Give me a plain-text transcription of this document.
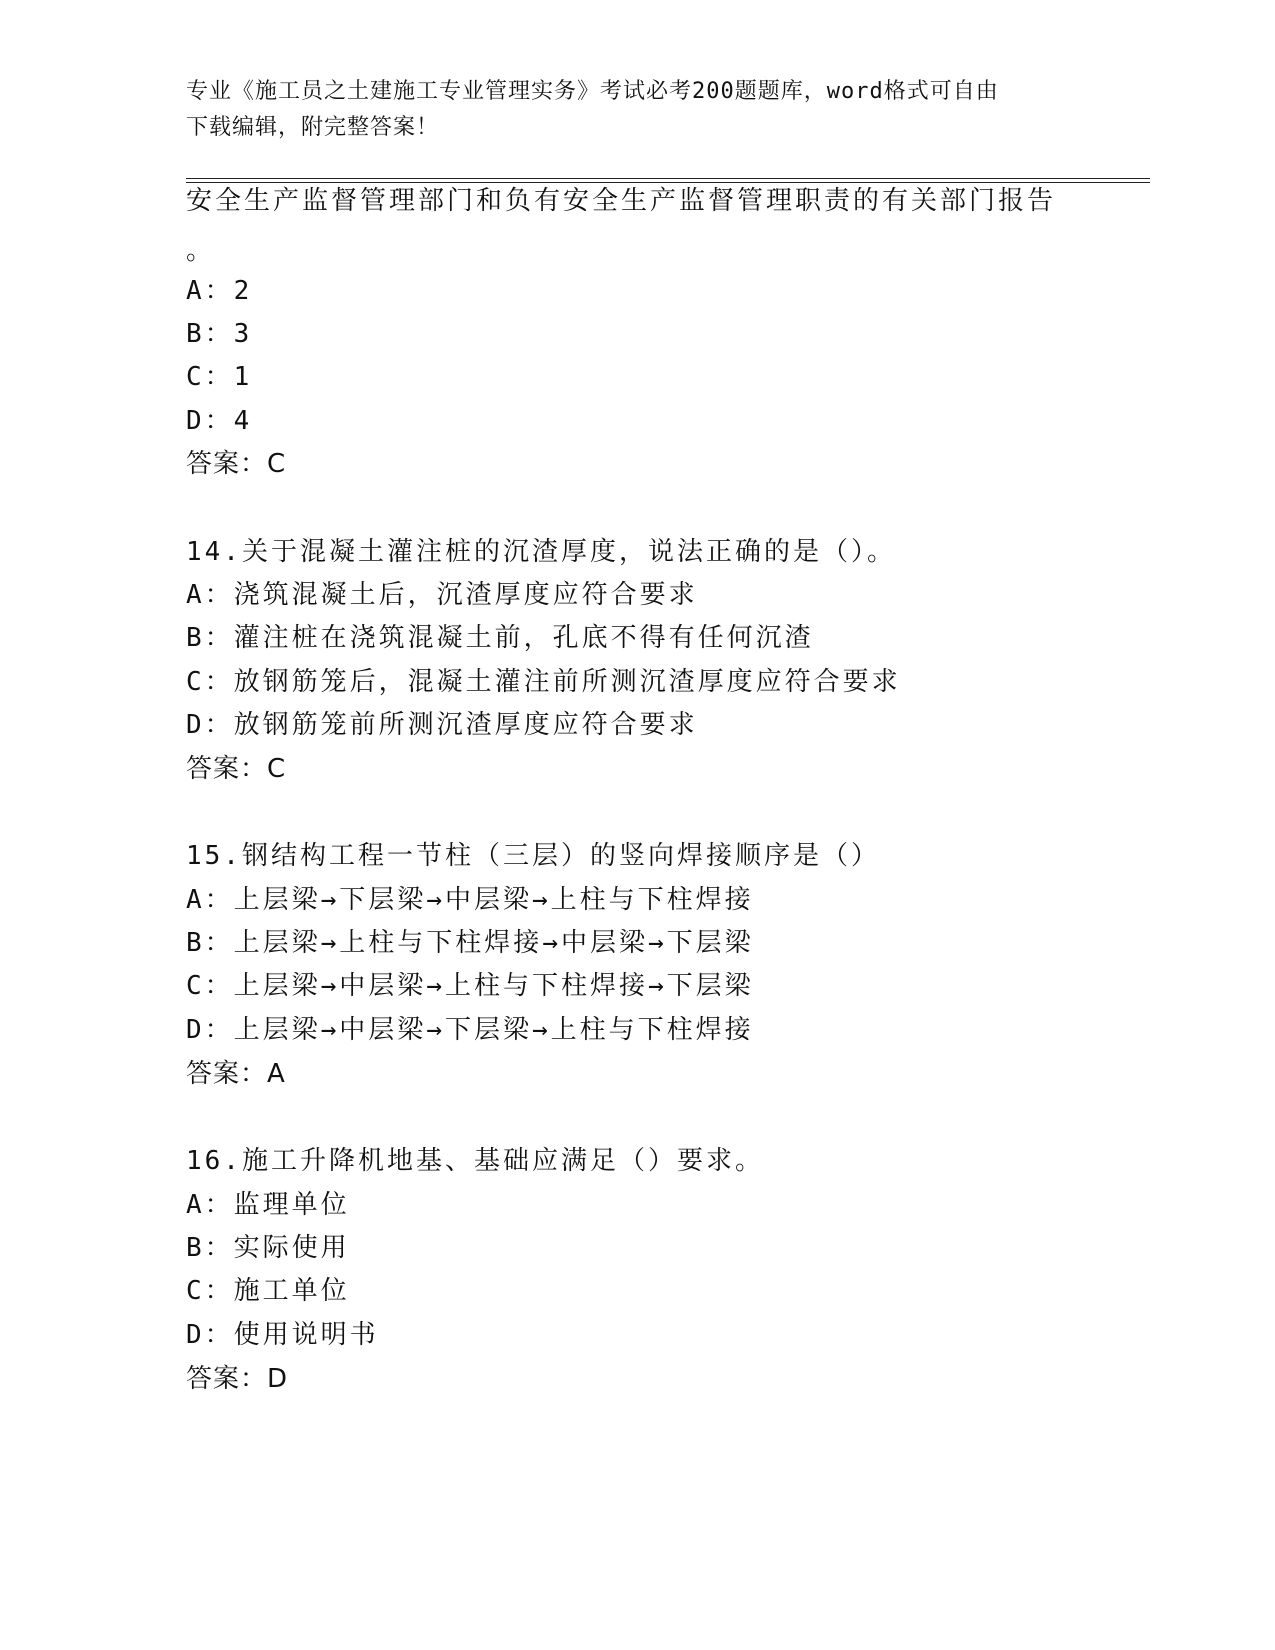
专业《施工员之土建施工专业管理实务》考试必考200题题库，word格式可自由
下载编辑，附完整答案！
安全生产监督管理部门和负有安全生产监督管理职责的有关部门报告
。
A：2
B：3
C：1
D：4
答案：C
14.关于混凝土灌注桩的沉渣厚度，说法正确的是（）。
A：浇筑混凝土后，沉渣厚度应符合要求
B：灌注桩在浇筑混凝土前，孔底不得有任何沉渣
C：放钢筋笼后，混凝土灌注前所测沉渣厚度应符合要求
D：放钢筋笼前所测沉渣厚度应符合要求
答案：C
15.钢结构工程一节柱（三层）的竖向焊接顺序是（）
A：上层梁→下层梁→中层梁→上柱与下柱焊接
B：上层梁→上柱与下柱焊接→中层梁→下层梁
C：上层梁→中层梁→上柱与下柱焊接→下层梁
D：上层梁→中层梁→下层梁→上柱与下柱焊接
答案：A
16.施工升降机地基、基础应满足（）要求。
A：监理单位
B：实际使用
C：施工单位
D：使用说明书
答案：D
